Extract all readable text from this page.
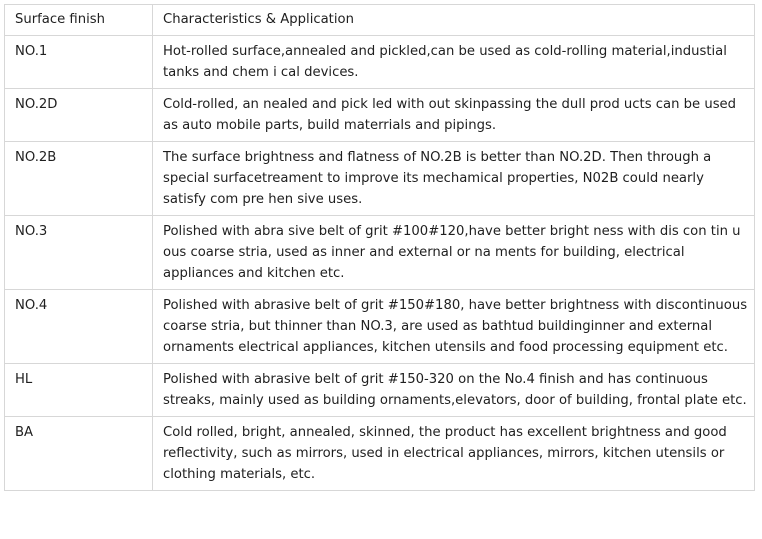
Surface finish	Characteristics & Application
NO.1	Hot-rolled surface,annealed and pickled,can be used as cold-rolling material,industial tanks and chem i cal devices.
NO.2D	Cold-rolled, an nealed and pick led with out skinpassing the dull prod ucts can be used as auto mobile parts, build materrials and pipings.
NO.2B	The surface brightness and flatness of NO.2B is better than NO.2D. Then through a special surfacetreament to improve its mechamical properties, N02B could nearly satisfy com pre hen sive uses.
NO.3	Polished with abra sive belt of grit #100#120,have better bright ness with dis con tin u ous coarse stria, used as inner and external or na ments for building, electrical appliances and kitchen etc.
NO.4	Polished with abrasive belt of grit #150#180, have better brightness with discontinuous coarse stria, but thinner than NO.3, are used as bathtud buildinginner and external ornaments electrical appliances, kitchen utensils and food processing equipment etc.
HL	Polished with abrasive belt of grit #150-320 on the No.4 finish and has continuous streaks, mainly used as building ornaments,elevators, door of building, frontal plate etc.
BA	Cold rolled, bright, annealed, skinned, the product has excellent brightness and good reflectivity, such as mirrors, used in electrical appliances, mirrors, kitchen utensils or clothing materials, etc.
